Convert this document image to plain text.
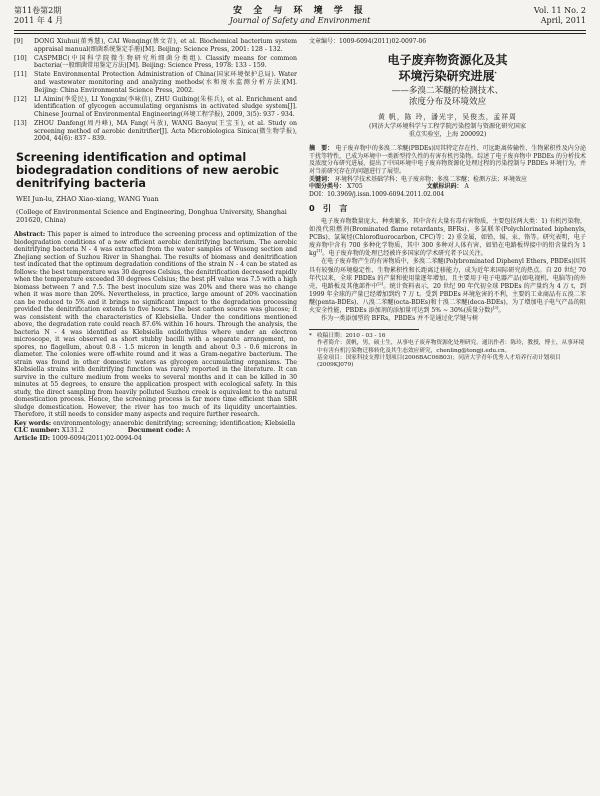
第11卷第2期
2011 年 4 月
安 全 与 环 境 学 报
Journal of Safety and Environment
Vol. 11 No. 2
April, 2011
[9]	DONG Xiuhui(董秀慧), CAI Wenqing(蔡文青), et al. Biochemical bacterium system appraisal manual(细菌系统鉴定手册)[M]. Beijing: Science Press, 2001: 128 - 132.
[10]	CASPMBC(中国科学院微生物研究所细菌分类组). Classify means for common bacteria(一般细菌常用鉴定方法)[M]. Beijing: Science Press, 1978: 133 - 159.
[11]	State Environmental Protection Administration of China(国家环境保护总局). Water and wastewater monitoring and analyzing methods(水和废水监测分析方法)[M]. Beijing: China Environmental Science Press, 2002.
[12]	LI Aimin(李爱民), LI Yongxin(李咏信), ZHU Guibing(朱桂兵), et al. Enrichment and identification of glycogen accumulating organisms in activated sludge system[J]. Chinese Journal of Environmental Engineering(环境工程学报), 2009, 3(5): 937 - 934.
[13]	ZHOU Danfeng(周丹峰), MA Fang(马放), WANG Baoyu(王宝玉), et al. Study on screening method of aerobic denitrifier[J]. Acta Microbiologica Sinica(微生物学报), 2004, 44(6): 837 - 839.
Screening identification and optimal biodegradation conditions of new aerobic denitrifying bacteria
WEI Jun-lu, ZHAO Xiao-xiang, WANG Yuan
(College of Environmental Science and Engineering, Donghua University, Shanghai 201620, China)
Abstract: This paper is aimed to introduce the screening process and optimization of the biodegradation conditions of a new efficient aerobic denitrifying bacterium. The aerobic denitrifying bacteria N - 4 was extracted from the water samples of Wusong section and Zhejiang section of Suzhou River in Shanghai. The results of biomass and denitrification test indicated that the optimum degradation conditions of the strain N - 4 can be stated as follows: the best temperature was 30 degrees Celsius, the denitrification decreased rapidly when the temperature exceeded 30 degrees Celsius; the best pH value was 7.5 with a high biomass between 7 and 7.5. The best inoculum size was 20% and there was no change when it was more than 20%. Nevertheless, in practice, large amount of 20% vaccination can be reduced to 5% and it brings no significant impact to the degradation processing provided the denitrification extends to five hours. The best carbon source was glucose; it was consistent with the characteristics of Klebsiella. Under the conditions mentioned above, the degradation rate could reach 87.6% within 16 hours. Through the analysis, the bacteria N - 4 was identified as Klebsiella oxidothylilus where under an electron microscope, it was observed as short stubby bacilli with a separate arrangement, no spores, no flagellum, about 0.8 - 1.5 micron in length and about 0.3 - 0.6 microns in diameter. The colonies were off-white round and it was a Gram-negative bacterium. The strain was found in other domestic waters as glycogen accumulating organisms. The Klebsiella strains with denitrifying function was rarely reported in the literature. It can survive in the culture medium from weeks to several months and it can be killed in 30 minutes at 55 degrees, to ensure the application prospect with ecological safety. In this study, the direct sampling from heavily polluted Suzhou creek is equivalent to the natural domestication process. Hence, the screening process is far more time efficient than SBR sludge domestication. However, the river has too much of its liquidity uncertainties. Therefore, it still needs to consider many aspects and require further research.
Key words: environmentology; anaerobic denitrifying; screening; identification; Klebsiella
CLC number: X131.2	Document code: A
Article ID: 1009-6094(2011)02-0094-04
文章编号：1009-6094(2011)02-0097-06
电子废弃物资源化及其
环境污染研究进展*
——多溴二苯醚的检测技术、
浓度分布及环境效应
黄 帆，陈 玲，潘光宇，吴俊杰，孟祥周
(同济大学环境科学与工程学院污染控制与资源化研究国家
重点实验室，上海 200092)
摘　要： 电子废弃物中的多溴二苯醚(PBDEs)因其特定存在性、可远距离传输性、生物累积性及内分泌干扰等特性，已成为环境中一类新型持久性的有害有机污染物。综述了电子废弃物中 PBDEs 的分析技术及浓度分布研究进展，提出了中国环境中电子废弃物资源化处理过程的污染控制与 PBDEs 环境行为，并对当前研究存在的问题进行了展望。
关键词： 环境科学技术基础学科；电子废弃物；多溴二苯醚；检测方法；环境效应
中图分类号： X705	文献标识码： A
DOI：10.3969/j.issn.1009-6094.2011.02.004
0　引　言

电子废弃物数量庞大、种类繁多，其中含有大量有毒有害物质，主要包括两大类：1) 有机污染物，如溴代阻燃剂(Brominated flame retardants, BFRs)、多氯联苯(Polychlorinated biphenyls, PCBs)、氯氟烃(Chlorofluorocarbon, CFC)等；2) 重金属，如铅、镉、汞、铬等。研究表明，电子废弃物中含有 700 多种化学物质，其中 300 多种对人体有害，如铅在电路板焊接中的铅含量约为 1 kg[1]。电子废弃物的处理已经被许多国家的学术研究者予以关注。

在电子废弃物产生的有害物质中，多溴二苯醚(Polybrominated Diphenyl Ethers, PBDEs)因其具有较强的环境稳定性、生物累积性和长距离迁移能力，成为近年来国际研究的热点。自 20 世纪 70 年代以来，全球 PBDEs 的产量和使用量逐年增加，且主要用于电子电器产品(如电视机、电脑等)的外壳，电路板及其他部件中[2]。统计资料表示，20 世纪 90 年代初全球 PBDEs 的产量约为 4 万 t，到 1999 年全球的产量已经增加到约 7 万 t。受到 PBDEs 环境危害的不利，主要的工业商品有五溴二苯醚(penta-BDEs)、八溴二苯醚(octa-BDEs)和十溴二苯醚(deca-BDEs)，为了增加电子电气产品的阻火安全性能，PBDEs 添加剂的添加量可达到 5% ~ 30%(质量分数)[3]。

作为一类添加型的 BFRs，PBDEs 并不是通过化学键与树

* 收稿日期：2010 - 03 - 16
作者简介：黄帆，男，硕士生，从事电子废弃物资源化处理研究。通讯作者：陈玲，教授，博士，从事环境中有害有机污染物迁移转化及其生态效应研究，chenling@tongji.edu.cn。
基金项目：国家科技支撑计划项目(2006BAC06B03)；同济大学青年优秀人才培养行动计划项目(2009KJ079)
